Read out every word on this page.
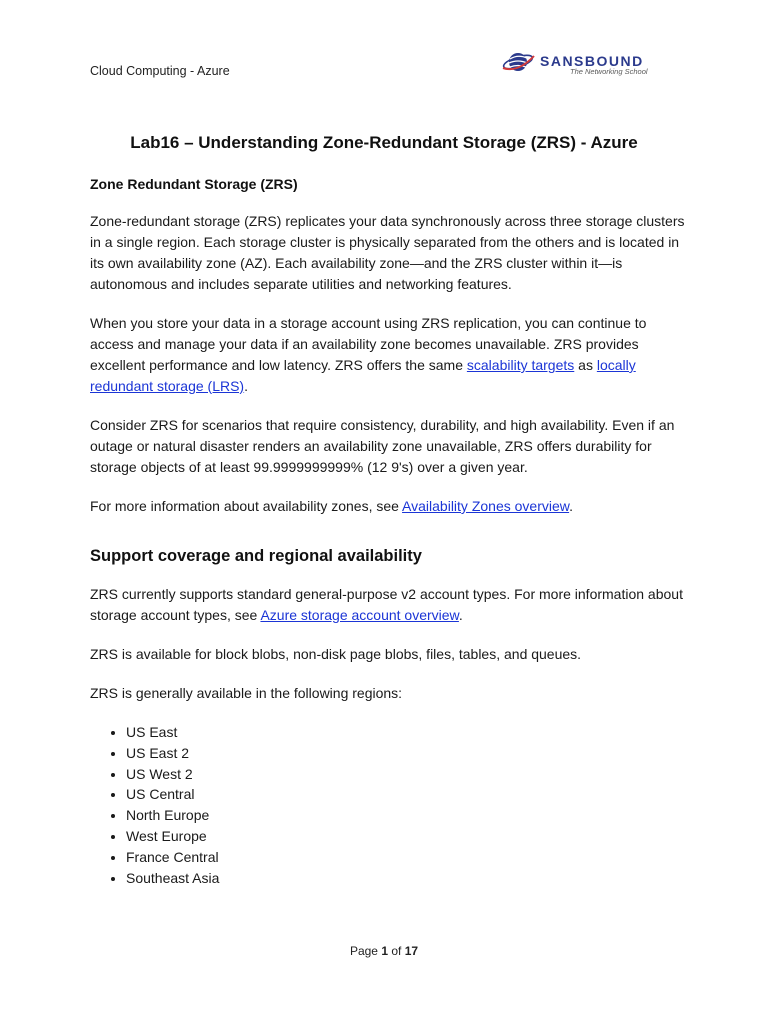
Cloud Computing - Azure
SANSBOUND
The Networking School
Lab16 – Understanding Zone-Redundant Storage (ZRS) - Azure
Zone Redundant Storage (ZRS)

Zone-redundant storage (ZRS) replicates your data synchronously across three storage clusters in a single region. Each storage cluster is physically separated from the others and is located in its own availability zone (AZ). Each availability zone—and the ZRS cluster within it—is autonomous and includes separate utilities and networking features.

When you store your data in a storage account using ZRS replication, you can continue to access and manage your data if an availability zone becomes unavailable. ZRS provides excellent performance and low latency. ZRS offers the same scalability targets as locally redundant storage (LRS).

Consider ZRS for scenarios that require consistency, durability, and high availability. Even if an outage or natural disaster renders an availability zone unavailable, ZRS offers durability for storage objects of at least 99.9999999999% (12 9's) over a given year.

For more information about availability zones, see Availability Zones overview.

Support coverage and regional availability

ZRS currently supports standard general-purpose v2 account types. For more information about storage account types, see Azure storage account overview.

ZRS is available for block blobs, non-disk page blobs, files, tables, and queues.

ZRS is generally available in the following regions:

• US East
• US East 2
• US West 2
• US Central
• North Europe
• West Europe
• France Central
• Southeast Asia
Page 1 of 17
